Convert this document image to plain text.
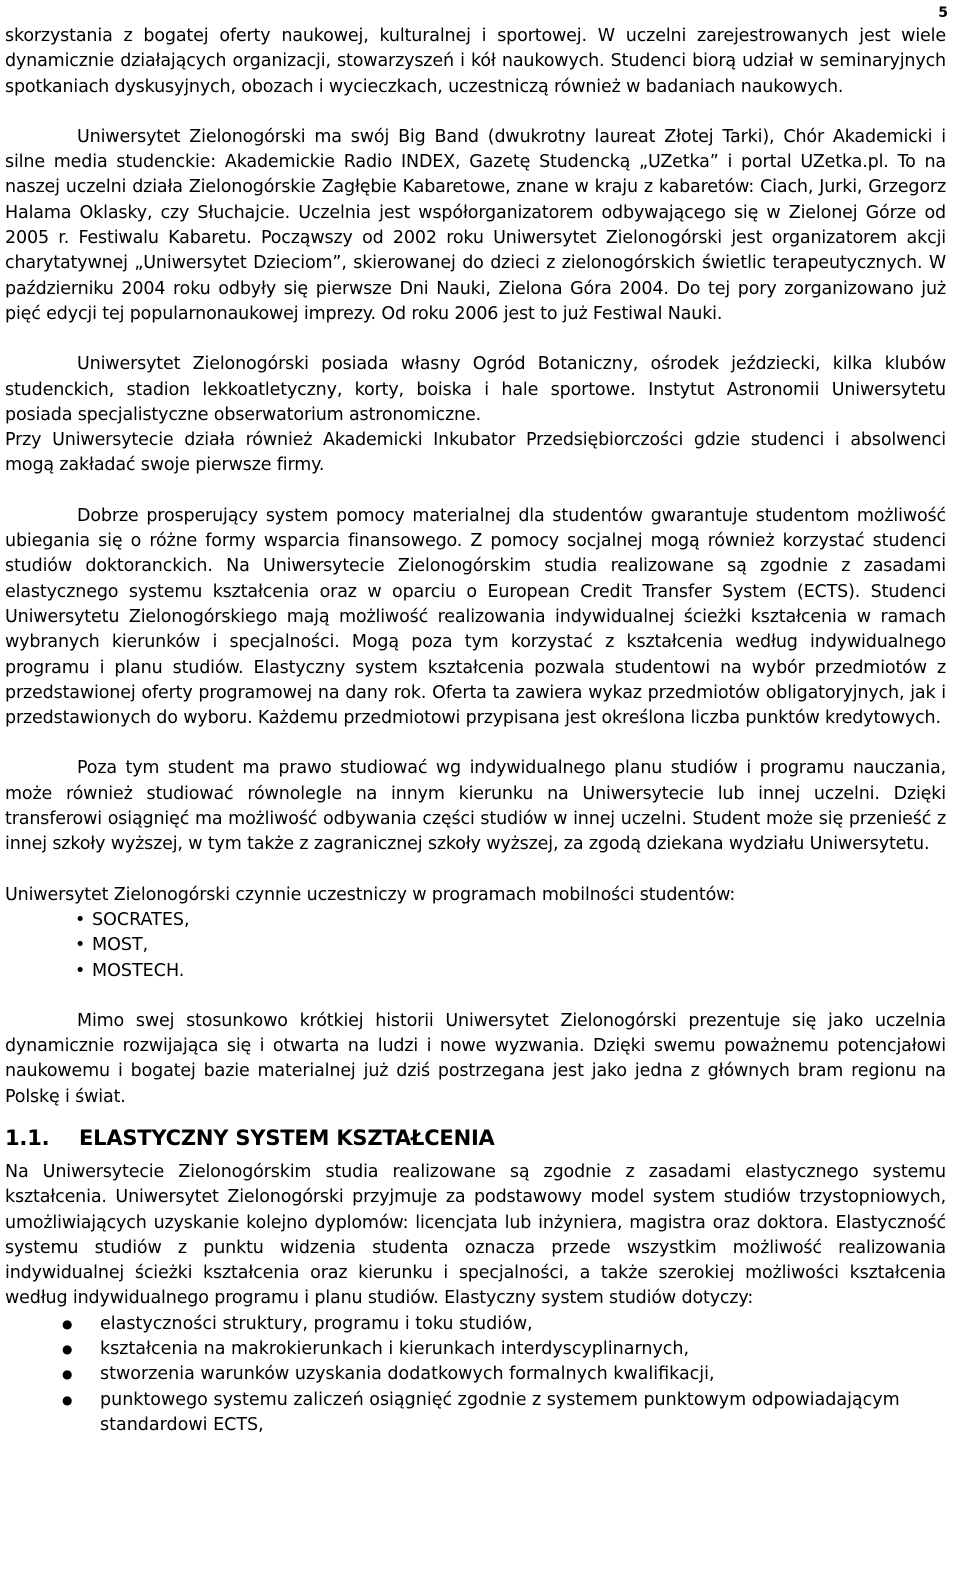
5

skorzystania z bogatej oferty naukowej, kulturalnej i sportowej. W uczelni zarejestrowanych jest wiele dynamicznie działających organizacji, stowarzyszeń i kół naukowych. Studenci biorą udział w seminaryjnych spotkaniach dyskusyjnych, obozach i wycieczkach, uczestniczą również w badaniach naukowych.

Uniwersytet Zielonogórski ma swój Big Band (dwukrotny laureat Złotej Tarki), Chór Akademicki i silne media studenckie: Akademickie Radio INDEX, Gazetę Studencką „UZetka” i portal UZetka.pl. To na naszej uczelni działa Zielonogórskie Zagłębie Kabaretowe, znane w kraju z kabaretów: Ciach, Jurki, Grzegorz Halama Oklasky, czy Słuchajcie. Uczelnia jest współorganizatorem odbywającego się w Zielonej Górze od 2005 r. Festiwalu Kabaretu. Począwszy od 2002 roku Uniwersytet Zielonogórski jest organizatorem akcji charytatywnej „Uniwersytet Dzieciom”, skierowanej do dzieci z zielonogórskich świetlic terapeutycznych. W październiku 2004 roku odbyły się pierwsze Dni Nauki, Zielona Góra 2004. Do tej pory zorganizowano już pięć edycji tej popularnonaukowej imprezy. Od roku 2006 jest to już Festiwal Nauki.

Uniwersytet Zielonogórski posiada własny Ogród Botaniczny, ośrodek jeździecki, kilka klubów studenckich, stadion lekkoatletyczny, korty, boiska i hale sportowe. Instytut Astronomii Uniwersytetu posiada specjalistyczne obserwatorium astronomiczne.

Przy Uniwersytecie działa również Akademicki Inkubator Przedsiębiorczości gdzie studenci i absolwenci mogą zakładać swoje pierwsze firmy.

Dobrze prosperujący system pomocy materialnej dla studentów gwarantuje studentom możliwość ubiegania się o różne formy wsparcia finansowego. Z pomocy socjalnej mogą również korzystać studenci studiów doktoranckich. Na Uniwersytecie Zielonogórskim studia realizowane są zgodnie z zasadami elastycznego systemu kształcenia oraz w oparciu o European Credit Transfer System (ECTS). Studenci Uniwersytetu Zielonogórskiego mają możliwość realizowania indywidualnej ścieżki kształcenia w ramach wybranych kierunków i specjalności. Mogą poza tym korzystać z kształcenia według indywidualnego programu i planu studiów. Elastyczny system kształcenia pozwala studentowi na wybór przedmiotów z przedstawionej oferty programowej na dany rok. Oferta ta zawiera wykaz przedmiotów obligatoryjnych, jak i przedstawionych do wyboru. Każdemu przedmiotowi przypisana jest określona liczba punktów kredytowych.

Poza tym student ma prawo studiować wg indywidualnego planu studiów i programu nauczania, może również studiować równolegle na innym kierunku na Uniwersytecie lub innej uczelni. Dzięki transferowi osiągnięć ma możliwość odbywania części studiów w innej uczelni. Student może się przenieść z innej szkoły wyższej, w tym także z zagranicznej szkoły wyższej, za zgodą dziekana wydziału Uniwersytetu.

Uniwersytet Zielonogórski czynnie uczestniczy w programach mobilności studentów:

• SOCRATES,
• MOST,
• MOSTECH.

Mimo swej stosunkowo krótkiej historii Uniwersytet Zielonogórski prezentuje się jako uczelnia dynamicznie rozwijająca się i otwarta na ludzi i nowe wyzwania. Dzięki swemu poważnemu potencjałowi naukowemu i bogatej bazie materialnej już dziś postrzegana jest jako jedna z głównych bram regionu na Polskę i świat.

1.1. ELASTYCZNY SYSTEM KSZTAŁCENIA

Na Uniwersytecie Zielonogórskim studia realizowane są zgodnie z zasadami elastycznego systemu kształcenia. Uniwersytet Zielonogórski przyjmuje za podstawowy model system studiów trzystopniowych, umożliwiających uzyskanie kolejno dyplomów: licencjata lub inżyniera, magistra oraz doktora. Elastyczność systemu studiów z punktu widzenia studenta oznacza przede wszystkim możliwość realizowania indywidualnej ścieżki kształcenia oraz kierunku i specjalności, a także szerokiej możliwości kształcenia według indywidualnego programu i planu studiów. Elastyczny system studiów dotyczy:

● elastyczności struktury, programu i toku studiów,
● kształcenia na makrokierunkach i kierunkach interdyscyplinarnych,
● stworzenia warunków uzyskania dodatkowych formalnych kwalifikacji,
● punktowego systemu zaliczeń osiągnięć zgodnie z systemem punktowym odpowiadającym standardowi ECTS,
